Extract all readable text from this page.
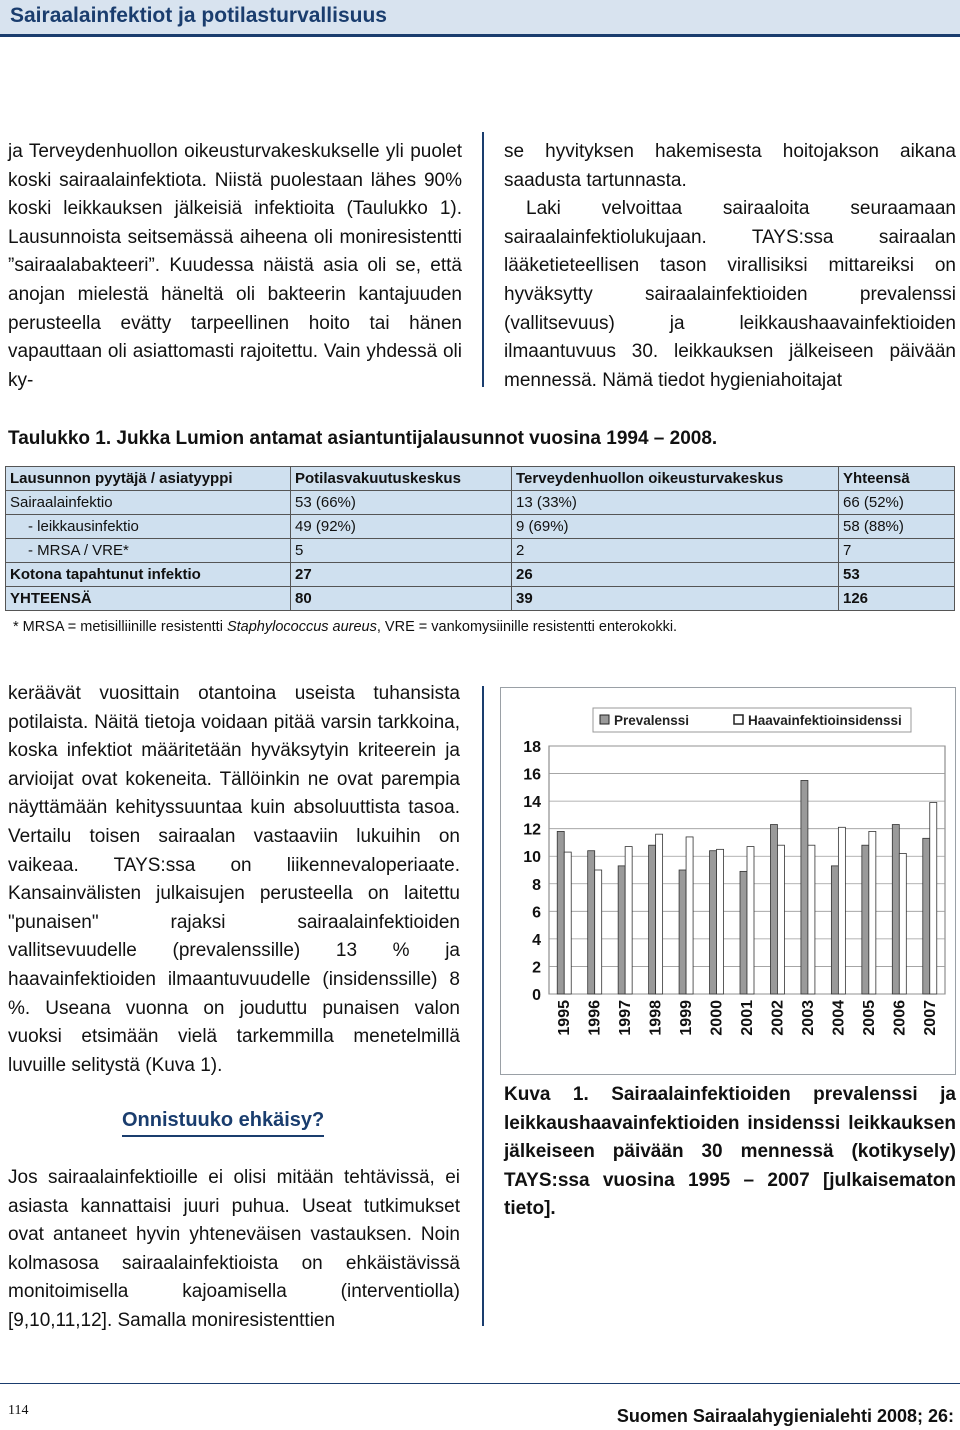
Sairaalainfektiot ja potilasturvallisuus

ja Terveydenhuollon oikeusturvakeskukselle yli puolet koski sairaalainfektiota. Niistä puolestaan lähes 90% koski leikkauksen jälkeisiä infektioita (Taulukko 1). Lausunnoista seitsemässä aiheena oli moniresistentti ”sairaalabakteeri”. Kuudessa näistä asia oli se, että anojan mielestä häneltä oli bakteerin kantajuuden perusteella evätty tarpeellinen hoito tai hänen vapauttaan oli asiattomasti rajoitettu. Vain yhdessä oli ky-

se hyvityksen hakemisesta hoitojakson aikana saadusta tartunnasta.

Laki velvoittaa sairaaloita seuraamaan sairaalainfektiolukujaan. TAYS:ssa sairaalan lääketieteellisen tason virallisiksi mittareiksi on hyväksytty sairaalainfektioiden prevalenssi (vallitsevuus) ja leikkaushaavainfektioiden ilmaantuvuus 30. leikkauksen jälkeiseen päivään mennessä. Nämä tiedot hygieniahoitajat

Taulukko 1. Jukka Lumion antamat asiantuntijalausunnot vuosina 1994 – 2008.
Lausunnon pyytäjä / asiatyyppi	Potilasvakuutuskeskus	Terveydenhuollon oikeusturvakeskus	Yhteensä
Sairaalainfektio	53 (66%)	13 (33%)	66 (52%)
- leikkausinfektio	49 (92%)	9 (69%)	58 (88%)
- MRSA / VRE*	5	2	7
Kotona tapahtunut infektio	27	26	53
YHTEENSÄ	80	39	126
* MRSA = metisilliinille resistentti Staphylococcus aureus, VRE = vankomysiinille resistentti enterokokki.

keräävät vuosittain otantoina useista tuhansista potilaista. Näitä tietoja voidaan pitää varsin tarkkoina, koska infektiot määritetään hyväksytyin kriteerein ja arvioijat ovat kokeneita. Tällöinkin ne ovat parempia näyttämään kehityssuuntaa kuin absoluuttista tasoa. Vertailu toisen sairaalan vastaaviin lukuihin on vaikeaa. TAYS:ssa on liikennevaloperiaate. Kansainvälisten julkaisujen perusteella on laitettu "punaisen" rajaksi sairaalainfektioiden vallitsevuudelle (prevalenssille) 13 % ja haavainfektioiden ilmaantuvuudelle (insidenssille) 8 %. Useana vuonna on jouduttu punaisen valon vuoksi etsimään vielä tarkemmilla menetelmillä luvuille selitystä (Kuva 1).

Onnistuuko ehkäisy?

Jos sairaalainfektioille ei olisi mitään tehtävissä, ei asiasta kannattaisi juuri puhua. Useat tutkimukset ovat antaneet hyvin yhteneväisen vastauksen. Noin kolmasosa sairaalainfektioista on ehkäistävissä monitoimisella kajoamisella (interventiolla) [9,10,11,12]. Samalla moniresistenttien

0
2
4
6
8
10
12
14
16
18
Prevalenssi	Haavainfektioinsidenssi
1995 1996 1997 1998 1999 2000 2001 2002 2003 2004 2005 2006 2007
Kuva 1. Sairaalainfektioiden prevalenssi ja leikkaushaavainfektioiden insidenssi leikkauksen jälkeiseen päivään 30 mennessä (kotikysely) TAYS:ssa vuosina 1995 – 2007 [julkaisematon tieto].
114	Suomen Sairaalahygienialehti 2008; 26:
